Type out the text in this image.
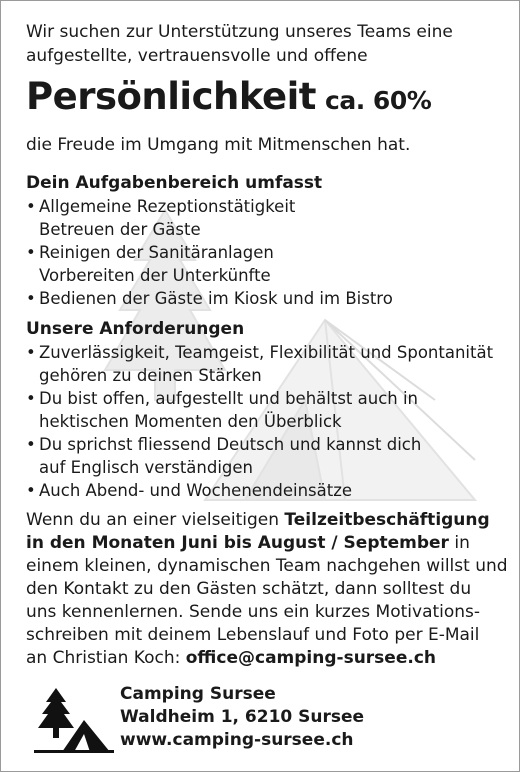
Wir suchen zur Unterstützung unseres Teams eine
aufgestellte, vertrauensvolle und offene

Persönlichkeit ca. 60%

die Freude im Umgang mit Mitmenschen hat.

Dein Aufgabenbereich umfasst
• Allgemeine Rezeptionstätigkeit
Betreuen der Gäste
• Reinigen der Sanitäranlagen
Vorbereiten der Unterkünfte
• Bedienen der Gäste im Kiosk und im Bistro
Unsere Anforderungen
• Zuverlässigkeit, Teamgeist, Flexibilität und Spontanität
gehören zu deinen Stärken
• Du bist offen, aufgestellt und behältst auch in
hektischen Momenten den Überblick
• Du sprichst fliessend Deutsch und kannst dich
auf Englisch verständigen
• Auch Abend- und Wochenendeinsätze
Wenn du an einer vielseitigen Teilzeitbeschäftigung
in den Monaten Juni bis August / September in
einem kleinen, dynamischen Team nachgehen willst und
den Kontakt zu den Gästen schätzt, dann solltest du
uns kennenlernen. Sende uns ein kurzes Motivations-
schreiben mit deinem Lebenslauf und Foto per E-Mail
an Christian Koch: office@camping-sursee.ch
Camping Sursee
Waldheim 1, 6210 Sursee
www.camping-sursee.ch
